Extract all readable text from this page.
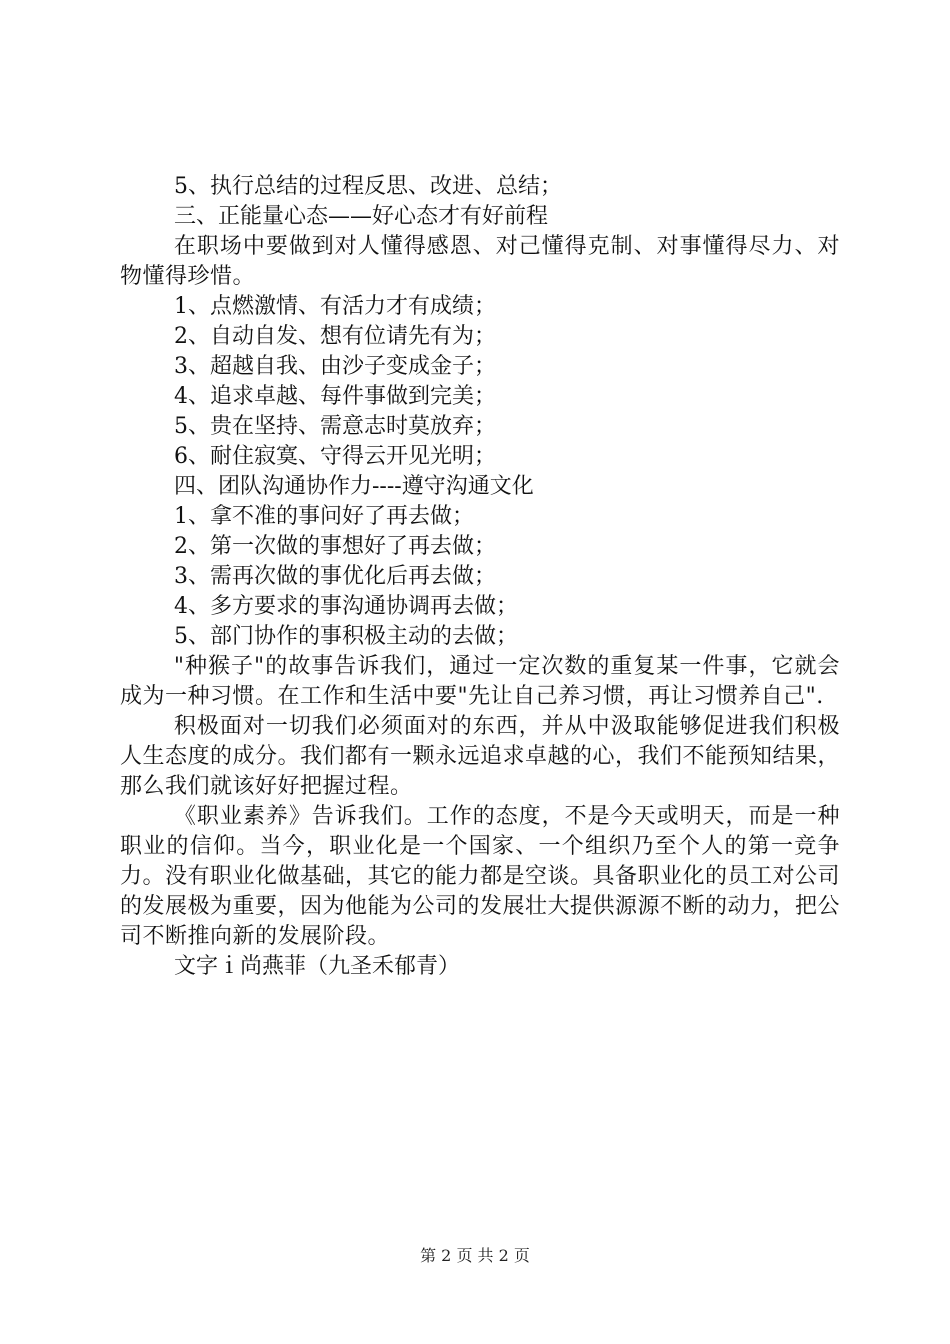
5、执行总结的过程反思、改进、总结；

三、正能量心态——好心态才有好前程

在职场中要做到对人懂得感恩、对己懂得克制、对事懂得尽力、对物懂得珍惜。

1、点燃激情、有活力才有成绩；

2、自动自发、想有位请先有为；

3、超越自我、由沙子变成金子；

4、追求卓越、每件事做到完美；

5、贵在坚持、需意志时莫放弃；

6、耐住寂寞、守得云开见光明；

四、团队沟通协作力----遵守沟通文化

1、拿不准的事问好了再去做；

2、第一次做的事想好了再去做；

3、需再次做的事优化后再去做；

4、多方要求的事沟通协调再去做；

5、部门协作的事积极主动的去做；

"种猴子"的故事告诉我们，通过一定次数的重复某一件事，它就会成为一种习惯。在工作和生活中要"先让自己养习惯，再让习惯养自己".

积极面对一切我们必须面对的东西，并从中汲取能够促进我们积极人生态度的成分。我们都有一颗永远追求卓越的心，我们不能预知结果，那么我们就该好好把握过程。

《职业素养》告诉我们。工作的态度，不是今天或明天，而是一种职业的信仰。当今，职业化是一个国家、一个组织乃至个人的第一竞争力。没有职业化做基础，其它的能力都是空谈。具备职业化的员工对公司的发展极为重要，因为他能为公司的发展壮大提供源源不断的动力，把公司不断推向新的发展阶段。

文字ｉ尚燕菲（九圣禾郁青）

第 2 页 共 2 页
